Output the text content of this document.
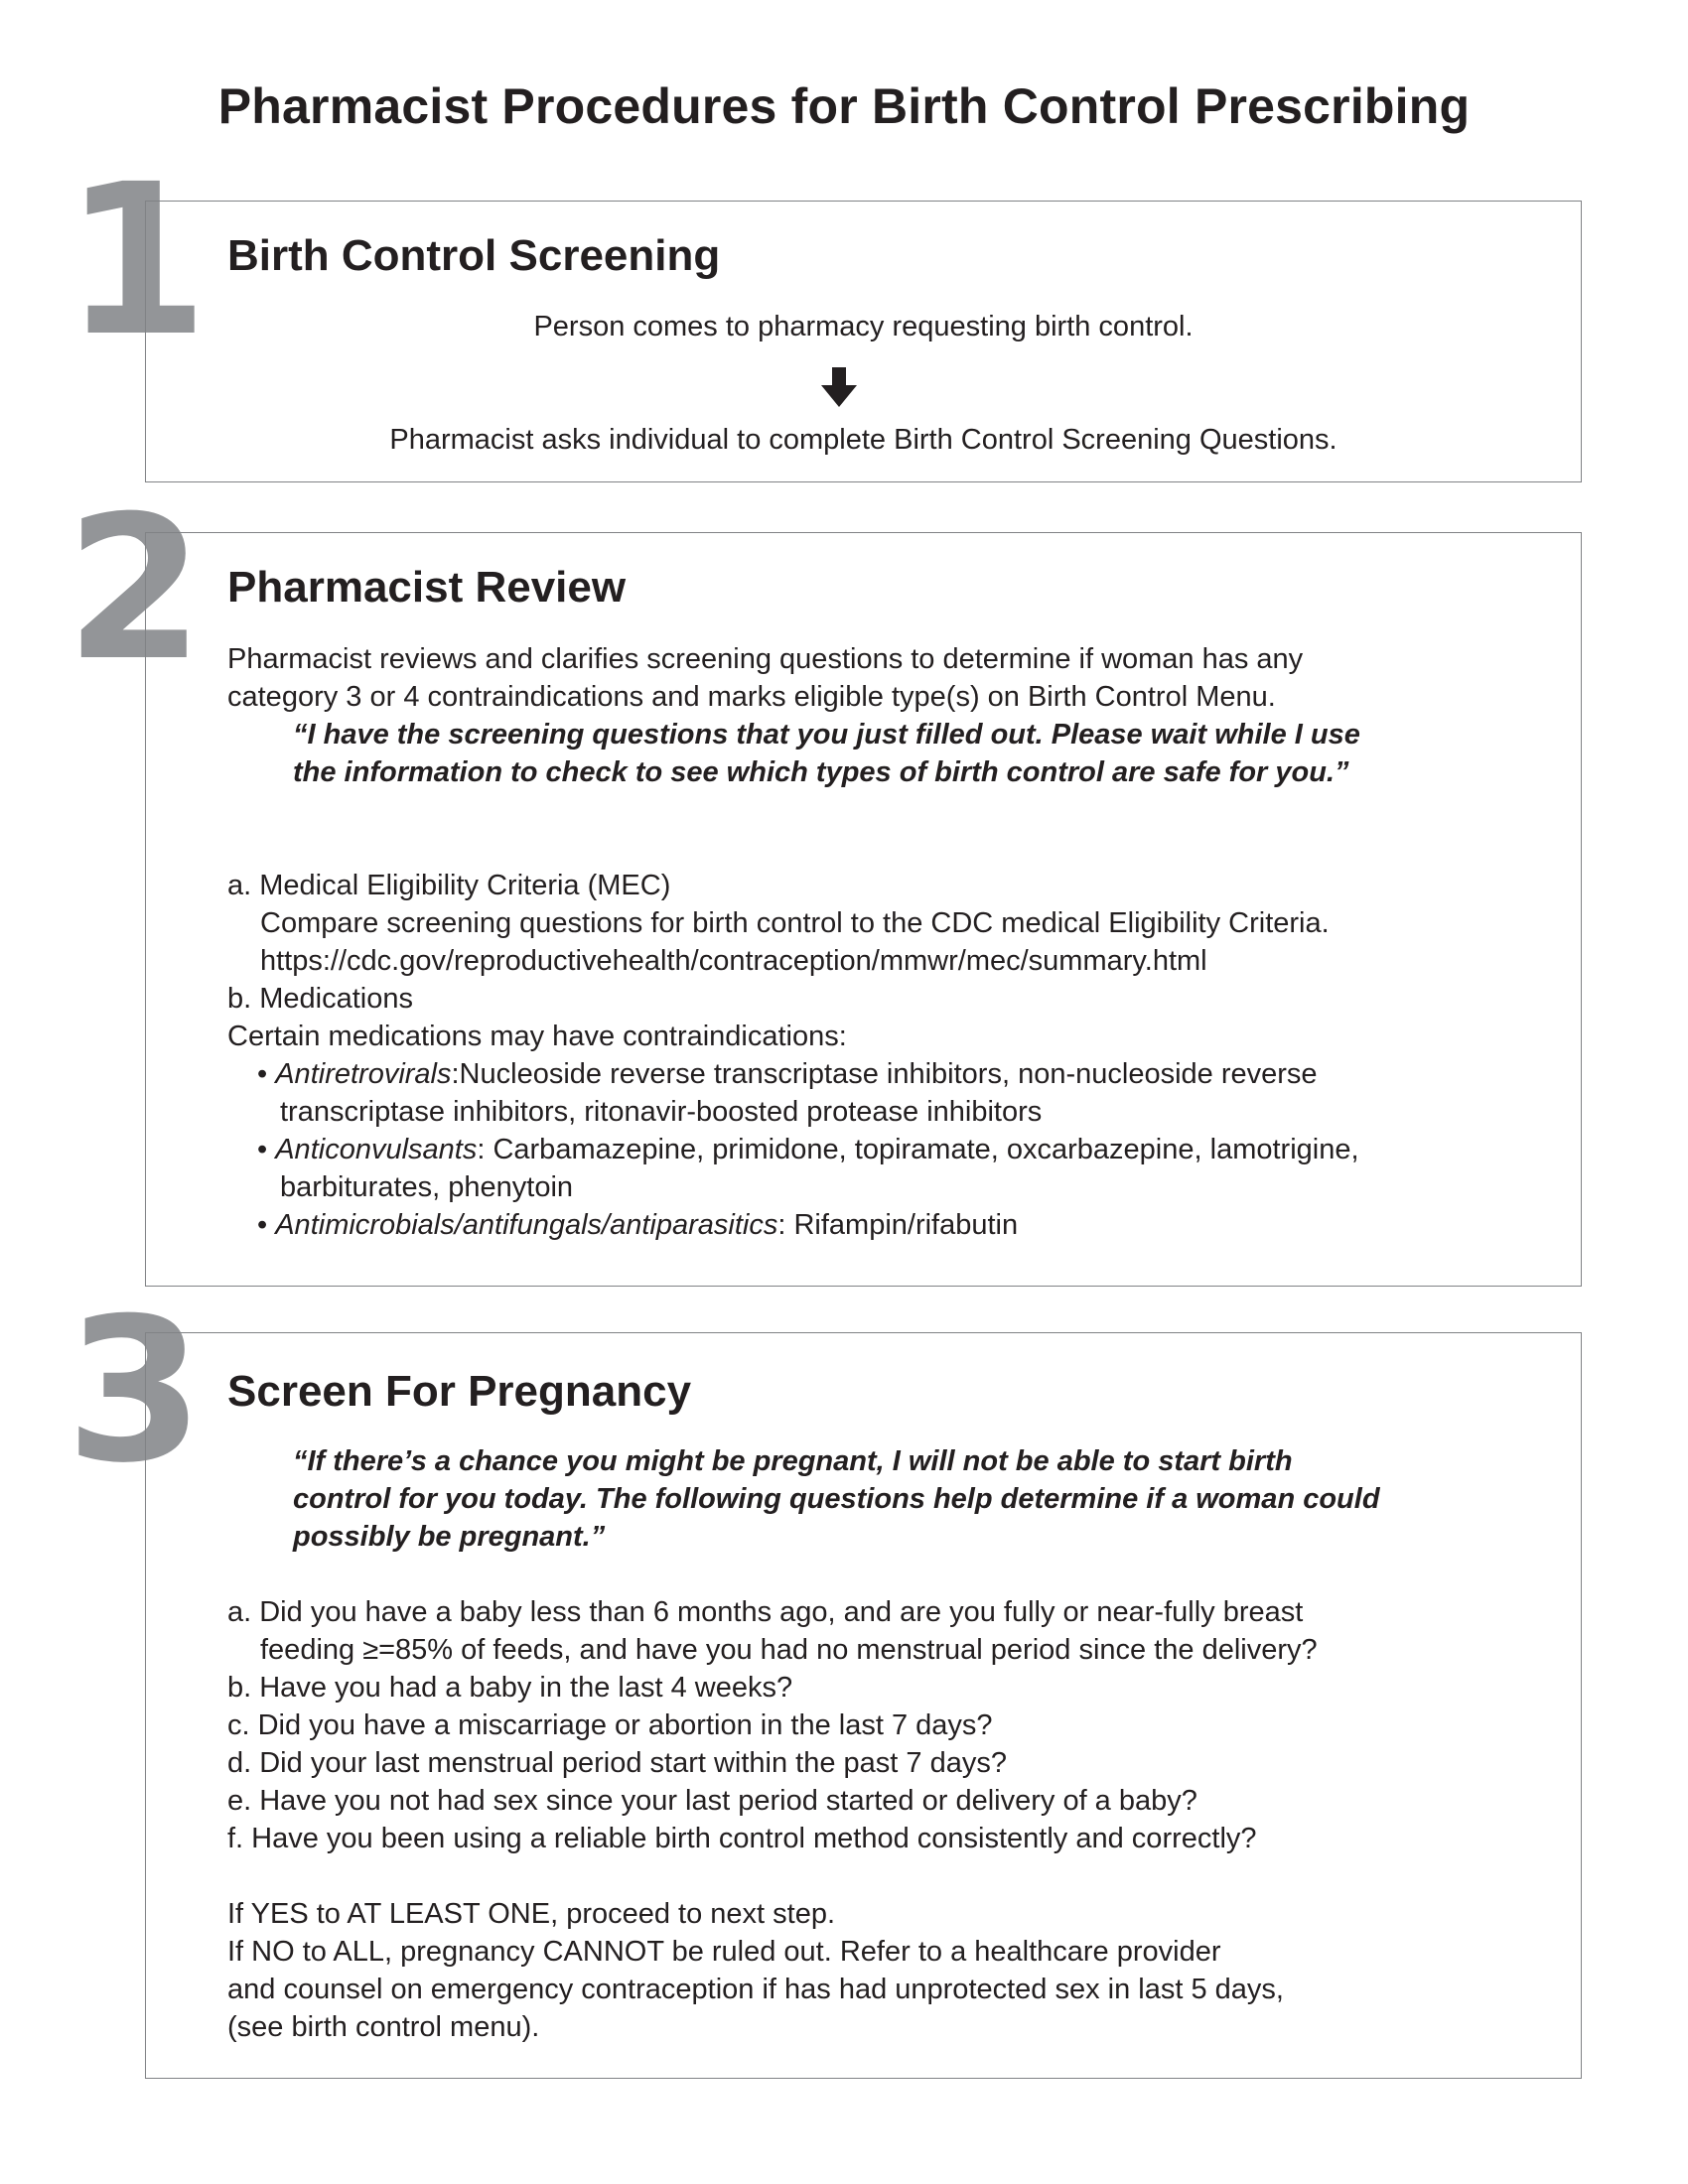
Pharmacist Procedures for Birth Control Prescribing
1 Birth Control Screening
Person comes to pharmacy requesting birth control.
Pharmacist asks individual to complete Birth Control Screening Questions.
2 Pharmacist Review
Pharmacist reviews and clarifies screening questions to determine if woman has any
category 3 or 4 contraindications and marks eligible type(s) on Birth Control Menu.
“I have the screening questions that you just filled out. Please wait while I use
the information to check to see which types of birth control are safe for you.”
a. Medical Eligibility Criteria (MEC)
Compare screening questions for birth control to the CDC medical Eligibility Criteria.
https://cdc.gov/reproductivehealth/contraception/mmwr/mec/summary.html
b. Medications
Certain medications may have contraindications:
• Antiretrovirals:Nucleoside reverse transcriptase inhibitors, non-nucleoside reverse
transcriptase inhibitors, ritonavir-boosted protease inhibitors
• Anticonvulsants: Carbamazepine, primidone, topiramate, oxcarbazepine, lamotrigine,
barbiturates, phenytoin
• Antimicrobials/antifungals/antiparasitics: Rifampin/rifabutin
3 Screen For Pregnancy
“If there’s a chance you might be pregnant, I will not be able to start birth
control for you today. The following questions help determine if a woman could
possibly be pregnant.”
a. Did you have a baby less than 6 months ago, and are you fully or near-fully breast
feeding ≥=85% of feeds, and have you had no menstrual period since the delivery?
b. Have you had a baby in the last 4 weeks?
c. Did you have a miscarriage or abortion in the last 7 days?
d. Did your last menstrual period start within the past 7 days?
e. Have you not had sex since your last period started or delivery of a baby?
f. Have you been using a reliable birth control method consistently and correctly?
If YES to AT LEAST ONE, proceed to next step.
If NO to ALL, pregnancy CANNOT be ruled out. Refer to a healthcare provider
and counsel on emergency contraception if has had unprotected sex in last 5 days,
(see birth control menu).
